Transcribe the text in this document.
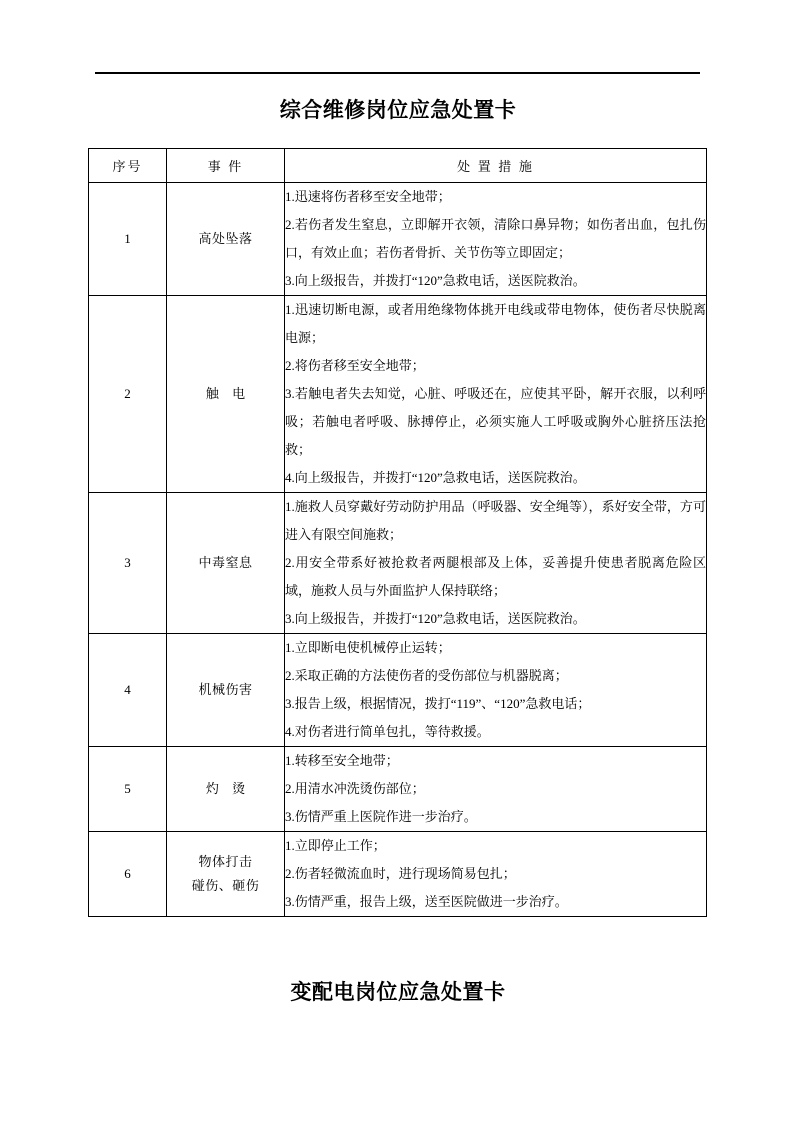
综合维修岗位应急处置卡
序号	事 件	处 置 措 施
1	高处坠落	1.迅速将伤者移至安全地带；
2.若伤者发生窒息，立即解开衣领，清除口鼻异物；如伤者出血，包扎伤口，有效止血；若伤者骨折、关节伤等立即固定；
3.向上级报告，并拨打“120”急救电话，送医院救治。

2	触 电	1.迅速切断电源，或者用绝缘物体挑开电线或带电物体，使伤者尽快脱离电源；
2.将伤者移至安全地带；
3.若触电者失去知觉，心脏、呼吸还在，应使其平卧，解开衣服，以利呼吸；若触电者呼吸、脉搏停止，必须实施人工呼吸或胸外心脏挤压法抢救；
4.向上级报告，并拨打“120”急救电话，送医院救治。

3	中毒窒息	1.施救人员穿戴好劳动防护用品（呼吸器、安全绳等），系好安全带，方可进入有限空间施救；
2.用安全带系好被抢救者两腿根部及上体，妥善提升使患者脱离危险区域，施救人员与外面监护人保持联络；
3.向上级报告，并拨打“120”急救电话，送医院救治。

4	机械伤害	1.立即断电使机械停止运转；
2.采取正确的方法使伤者的受伤部位与机器脱离；
3.报告上级，根据情况，拨打“119”、“120”急救电话；
4.对伤者进行简单包扎，等待救援。

5	灼 烫	1.转移至安全地带；
2.用清水冲洗烫伤部位；
3.伤情严重上医院作进一步治疗。

6	物体打击
碰伤、砸伤	1.立即停止工作；
2.伤者轻微流血时，进行现场简易包扎；
3.伤情严重，报告上级，送至医院做进一步治疗。
变配电岗位应急处置卡
